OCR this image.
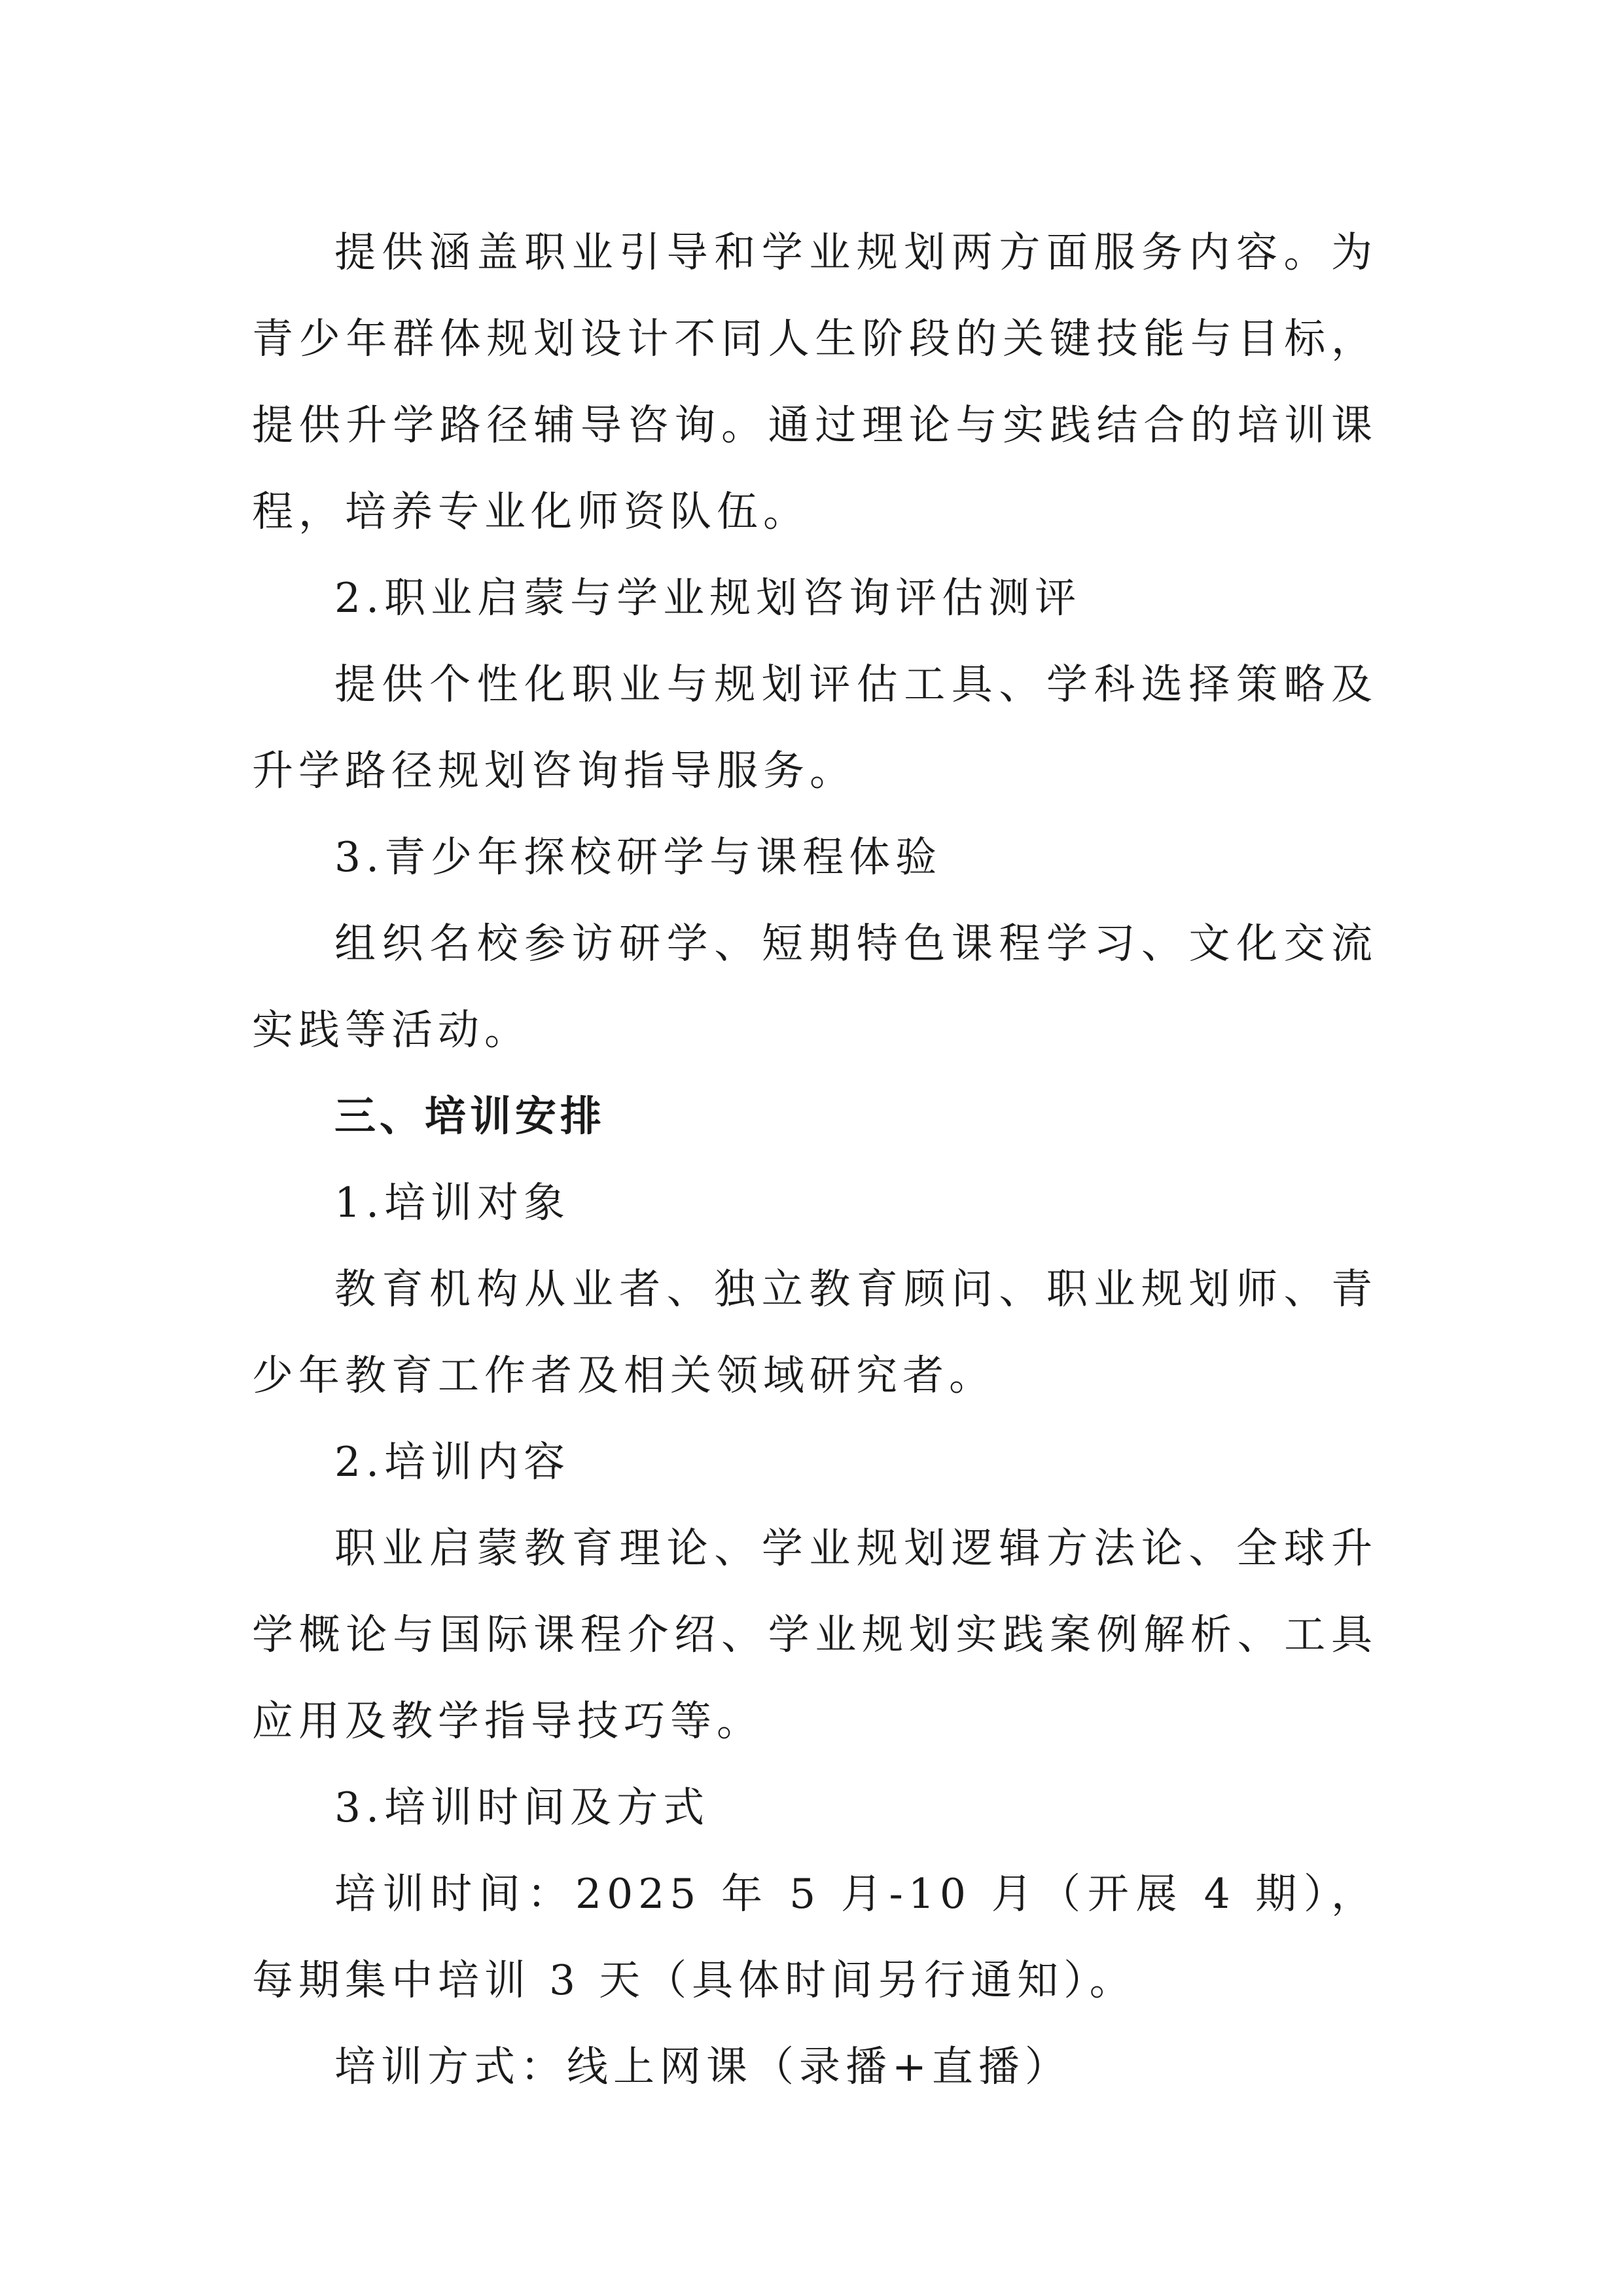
提供涵盖职业引导和学业规划两方面服务内容。为青少年群体规划设计不同人生阶段的关键技能与目标，提供升学路径辅导咨询。通过理论与实践结合的培训课程，培养专业化师资队伍。

2.职业启蒙与学业规划咨询评估测评

提供个性化职业与规划评估工具、学科选择策略及升学路径规划咨询指导服务。

3.青少年探校研学与课程体验

组织名校参访研学、短期特色课程学习、文化交流实践等活动。

三、培训安排

1.培训对象

教育机构从业者、独立教育顾问、职业规划师、青少年教育工作者及相关领域研究者。

2.培训内容

职业启蒙教育理论、学业规划逻辑方法论、全球升学概论与国际课程介绍、学业规划实践案例解析、工具应用及教学指导技巧等。

3.培训时间及方式

培训时间：2025 年 5 月-10 月（开展 4 期），每期集中培训 3 天（具体时间另行通知）。

培训方式：线上网课（录播+直播）
